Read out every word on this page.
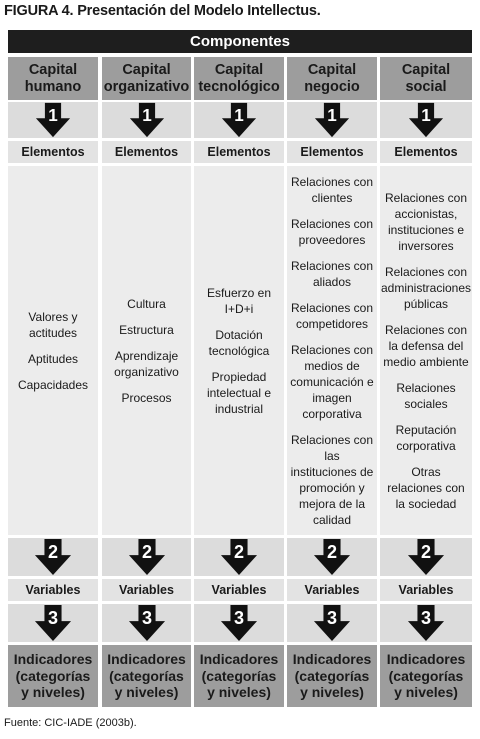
FIGURA 4. Presentación del Modelo Intellectus.
Componentes
Capital
humano
1
Elementos
Valores y actitudes
Aptitudes
Capacidades
2
Variables
3
Indicadores
(categorías
y niveles)
Capital
organizativo
1
Elementos
Cultura
Estructura
Aprendizaje organizativo
Procesos
2
Variables
3
Indicadores
(categorías
y niveles)
Capital
tecnológico
1
Elementos
Esfuerzo en I+D+i
Dotación tecnológica
Propiedad intelectual e industrial
2
Variables
3
Indicadores
(categorías
y niveles)
Capital
negocio
1
Elementos
Relaciones con clientes
Relaciones con proveedores
Relaciones con aliados
Relaciones con competidores
Relaciones con medios de comunicación e imagen corporativa
Relaciones con las instituciones de promoción y mejora de la calidad
2
Variables
3
Indicadores
(categorías
y niveles)
Capital
social
1
Elementos
Relaciones con accionistas, instituciones e inversores
Relaciones con administraciones públicas
Relaciones con la defensa del medio ambiente
Relaciones sociales
Reputación corporativa
Otras relaciones con la sociedad
2
Variables
3
Indicadores
(categorías
y niveles)
Fuente: CIC-IADE (2003b).
